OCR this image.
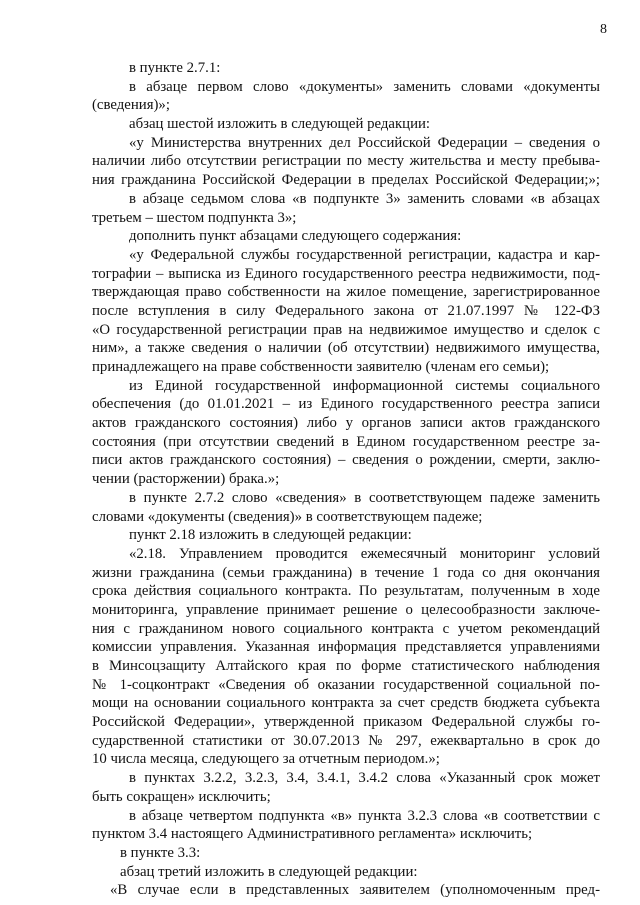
8
в пункте 2.7.1:
в абзаце первом слово «документы» заменить словами «документы
(сведения)»;
абзац шестой изложить в следующей редакции:
«у Министерства внутренних дел Российской Федерации – сведения о
наличии либо отсутствии регистрации по месту жительства и месту пребыва-
ния гражданина Российской Федерации в пределах Российской Федерации;»;
в абзаце седьмом слова «в подпункте 3» заменить словами «в абзацах
третьем – шестом подпункта 3»;
дополнить пункт абзацами следующего содержания:
«у Федеральной службы государственной регистрации, кадастра и кар-
тографии – выписка из Единого государственного реестра недвижимости, под-
тверждающая право собственности на жилое помещение, зарегистрированное
после вступления в силу Федерального закона от 21.07.1997 № 122-ФЗ
«О государственной регистрации прав на недвижимое имущество и сделок с
ним», а также сведения о наличии (об отсутствии) недвижимого имущества,
принадлежащего на праве собственности заявителю (членам его семьи);
из Единой государственной информационной системы социального
обеспечения (до 01.01.2021 – из Единого государственного реестра записи
актов гражданского состояния) либо у органов записи актов гражданского
состояния (при отсутствии сведений в Едином государственном реестре за-
писи актов гражданского состояния) – сведения о рождении, смерти, заклю-
чении (расторжении) брака.»;
в пункте 2.7.2 слово «сведения» в соответствующем падеже заменить
словами «документы (сведения)» в соответствующем падеже;
пункт 2.18 изложить в следующей редакции:
«2.18. Управлением проводится ежемесячный мониторинг условий
жизни гражданина (семьи гражданина) в течение 1 года со дня окончания
срока действия социального контракта. По результатам, полученным в ходе
мониторинга, управление принимает решение о целесообразности заключе-
ния с гражданином нового социального контракта с учетом рекомендаций
комиссии управления. Указанная информация представляется управлениями
в Минсоцзащиту Алтайского края по форме статистического наблюдения
№ 1-соцконтракт «Сведения об оказании государственной социальной по-
мощи на основании социального контракта за счет средств бюджета субъекта
Российской Федерации», утвержденной приказом Федеральной службы го-
сударственной статистики от 30.07.2013 № 297, ежеквартально в срок до
10 числа месяца, следующего за отчетным периодом.»;
в пунктах 3.2.2, 3.2.3, 3.4, 3.4.1, 3.4.2 слова «Указанный срок может
быть сокращен» исключить;
в абзаце четвертом подпункта «в» пункта 3.2.3 слова «в соответствии с
пунктом 3.4 настоящего Административного регламента» исключить;
в пункте 3.3:
абзац третий изложить в следующей редакции:
«В случае если в представленных заявителем (уполномоченным пред-
